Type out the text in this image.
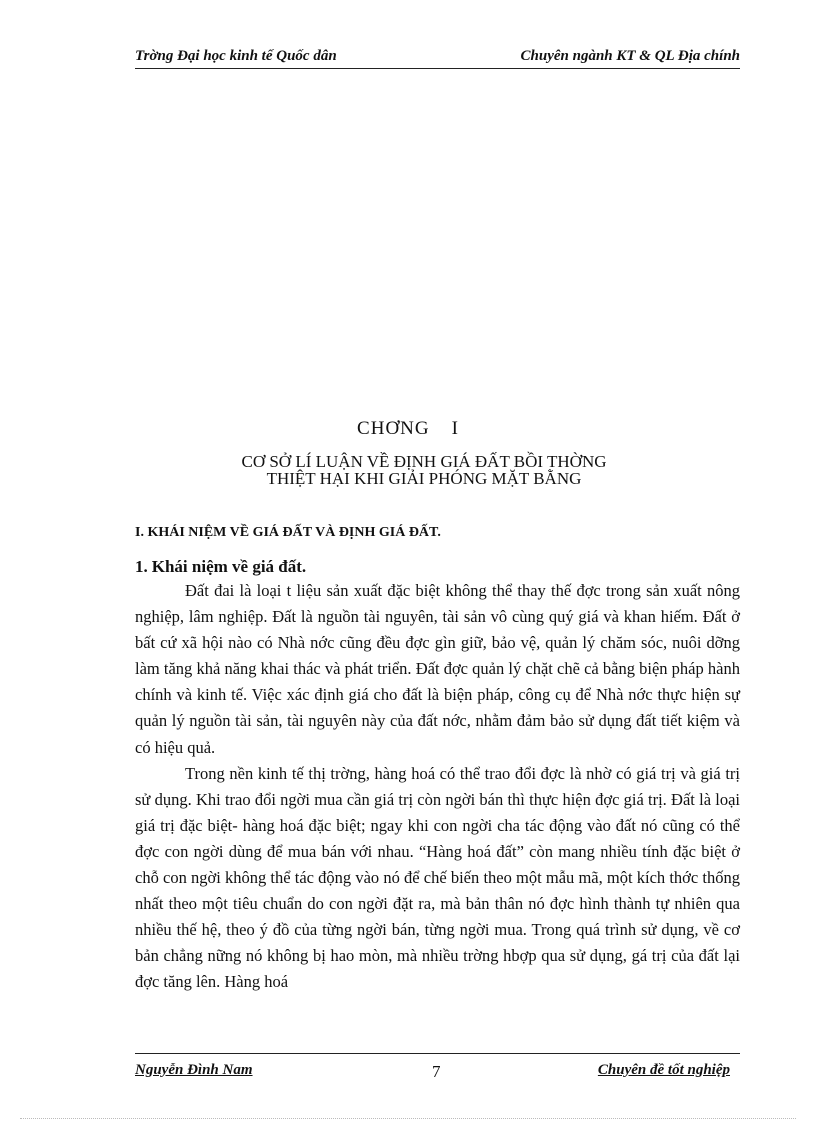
Trờng Đại học kinh tế Quốc dân	Chuyên ngành KT & QL Địa chính
CHƠNG I
CƠ SỞ LÍ LUẬN VỀ ĐỊNH GIÁ ĐẤT BỒI THỜNG
THIỆT HẠI KHI GIẢI PHÓNG MẶT BẰNG
I. KHÁI NIỆM VỀ GIÁ ĐẤT VÀ ĐỊNH GIÁ ĐẤT.
1. Khái niệm về giá đất.

Đất đai là loại t liệu sản xuất đặc biệt không thể thay thế đợc trong sản xuất nông nghiệp, lâm nghiệp. Đất là nguồn tài nguyên, tài sản vô cùng quý giá và khan hiếm. Đất ở bất cứ xã hội nào có Nhà nớc cũng đều đợc gìn giữ, bảo vệ, quản lý chăm sóc, nuôi dỡng làm tăng khả năng khai thác và phát triển. Đất đợc quản lý chặt chẽ cả bằng biện pháp hành chính và kinh tế. Việc xác định giá cho đất là biện pháp, công cụ để Nhà nớc thực hiện sự quản lý nguồn tài sản, tài nguyên này của đất nớc, nhằm đảm bảo sử dụng đất tiết kiệm và có hiệu quả.

Trong nền kinh tế thị trờng, hàng hoá có thể trao đổi đợc là nhờ có giá trị và giá trị sử dụng. Khi trao đổi ngời mua cần giá trị còn ngời bán thì thực hiện đợc giá trị. Đất là loại giá trị đặc biệt- hàng hoá đặc biệt; ngay khi con ngời cha tác động vào đất nó cũng có thể đợc con ngời dùng để mua bán với nhau. “Hàng hoá đất” còn mang nhiều tính đặc biệt ở chỗ con ngời không thể tác động vào nó để chế biến theo một mẫu mã, một kích thớc thống nhất theo một tiêu chuẩn do con ngời đặt ra, mà bản thân nó đợc hình thành tự nhiên qua nhiều thế hệ, theo ý đồ của từng ngời bán, từng ngời mua. Trong quá trình sử dụng, về cơ bản chẳng nững nó không bị hao mòn, mà nhiều trờng hbợp qua sử dụng, gá trị của đất lại đợc tăng lên. Hàng hoá

Nguyễn Đình Nam	7	Chuyên đề tốt nghiệp
